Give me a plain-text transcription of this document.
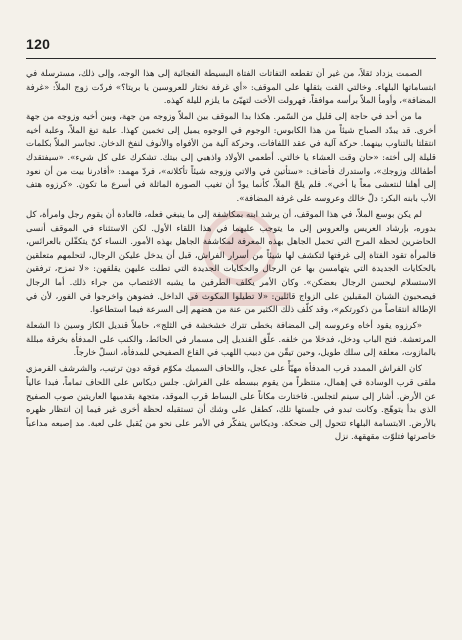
120

الصمت يزداد ثقلاً، من غير أن تقطعه التفاتات الفتاة البسيطة الفجائية إلى هذا الوجه، وإلى ذلك، مسترسلة في ابتساماتها البلهاء. وخالتي القت بثقلها على الموقف: «أي غرفة نختار للعروسين يا بريتا؟» فردّت زوج الملاّ: «غرفة المضافة»، وأومأ الملاّ برأسه موافقاً، فهرولت الأخت لتهيّئ ما يلزم لليلة كهذه.

ما من أحد في حاجة إلى قليل من السّمر. هكذا بدا الموقف بين الملاّ وزوجه من جهة، وبين أخيه وزوجه من جهة أخرى. قد يبدّد الصباح شيئاً من هذا الكابوس: الوجوم في الوجوه يميل إلى تخمين كهذا. علبة تبغ الملاّ، وعلبة أخيه انتقلتا بالتناوب بينهما. حركة آلية في عقد اللفافات، وحركة آلية من الأفواه والأنوف لنفخ الدخان. تجاسر الملاّ بكلمات قليلة إلى أخته: «حان وقت العشاء يا خالتي. أطعمي الأولاد واذهبي إلى بيتك. تشكرك على كل شيء». «سيفتقدك أطفالك وزوجك»، واستدرك فأضاف: «ستأتين في والاتي وزوجه شيئاً تأكلانه»، فردّ مهمد: «أفادرنا بيت من أن نعود إلى أهلنا لنتعشى معاً يا أخي». فلم يلحّ الملاّ، كأنما يودّ أن تغيب الصورة الماثلة في أسرع ما تكون. «كرزوه هتف الأب بابنه البكر: دلّ خالك وعروسه على غرفة المضافة».

لم يكن بوسع الملاّ، في هذا الموقف، أن يرشد ابنه بمكاشفة إلى ما ينبغي فعله، فالعادة أن يقوم رجل وامرأة، كل بدوره، بإرشاد العريس والعروس إلى ما يتوجب عليهما في هذا اللقاء الأول. لكن الاستثناء في الموقف أنسى الحاضرين لحظة المرح التي تحمل الجاهل بهذه المعرفة لمكاشفة الجاهل بهذه الأمور. النساء كنّ يتكفّلن بالعرائس، فالمرأة تقود الفتاة إلى غرفتها لتكشف لها شيئاً من أسرار الفراش، قبل أن يدخل عليكن الرجال، لتحلمهم متعلقين بالحكايات الجديدة التي يتهامسن بها عن الرجال والحكايات الجديدة التي تطلت عليهن يقلقهن: «لا تمزح، ترفقين الاستسلام ليحسن الرجال بعضكن». وكان الأمر يكلف الطرفين ما يشبه الاغتصاب من جراء ذلك. أما الرجال فيصحبون الشبان المقبلين على الزواج قائلين: «لا تطيلوا المكوث في الداخل. فضوهن واخرجوا في الفور، لأن في الإطالة انتقاصاً من ذكورتكم»، وقد كلّف ذلك الكثير من عنة من هضهم إلى السرعة فيما استطاعوا.

«كرزوه يقود أخاه وعروسه إلى المضافة بخطى تترك خشخشة في الثلج»، حاملاً قنديل الكاز وسين ذا الشعلة المرتعشة. فتح الباب ودخل، فدخلا من خلفه. علّق القنديل إلى مسمار في الحائط، والكنب على المدفأة بخرقة مبللة بالمازوت، معلقة إلى سلك طويل، وحين تيقّن من دبيب اللهب في القاع الصفيحي للمدفأة، انسلّ خارجاً.

كان الفراش الممدد قرب المدفأة مهيّأً على عجل، واللحاف السميك مكوّم فوقه دون ترتيب، والشرشف القرمزي ملقى قرب الوسادة في إهمال، منتظراً من يقوم ببسطه على الفراش. جلس ديكاس على اللحاف تماماً، فبدا عالياً عن الأرض. أشار إلى سينم لتجلس. فاختارت مكاناً على البساط قرب الموقد، متجهة بقدميها العاريتين صوب الصفيح الذي بدأ يتوهّج. وكانت تبدو في جلستها تلك، كطفل على وشك أن تستقبله لحظة أخرى غير فيما إن انتظار ظهره بالأرض. الابتسامة البلهاء تتحول إلى ضحكة. وديكاس يتفكّر في الأمر على نحو من يُقبل على لعبة. مد إصبعه مداعباً خاصرتها فتلوّت مقهقهة. نزل
